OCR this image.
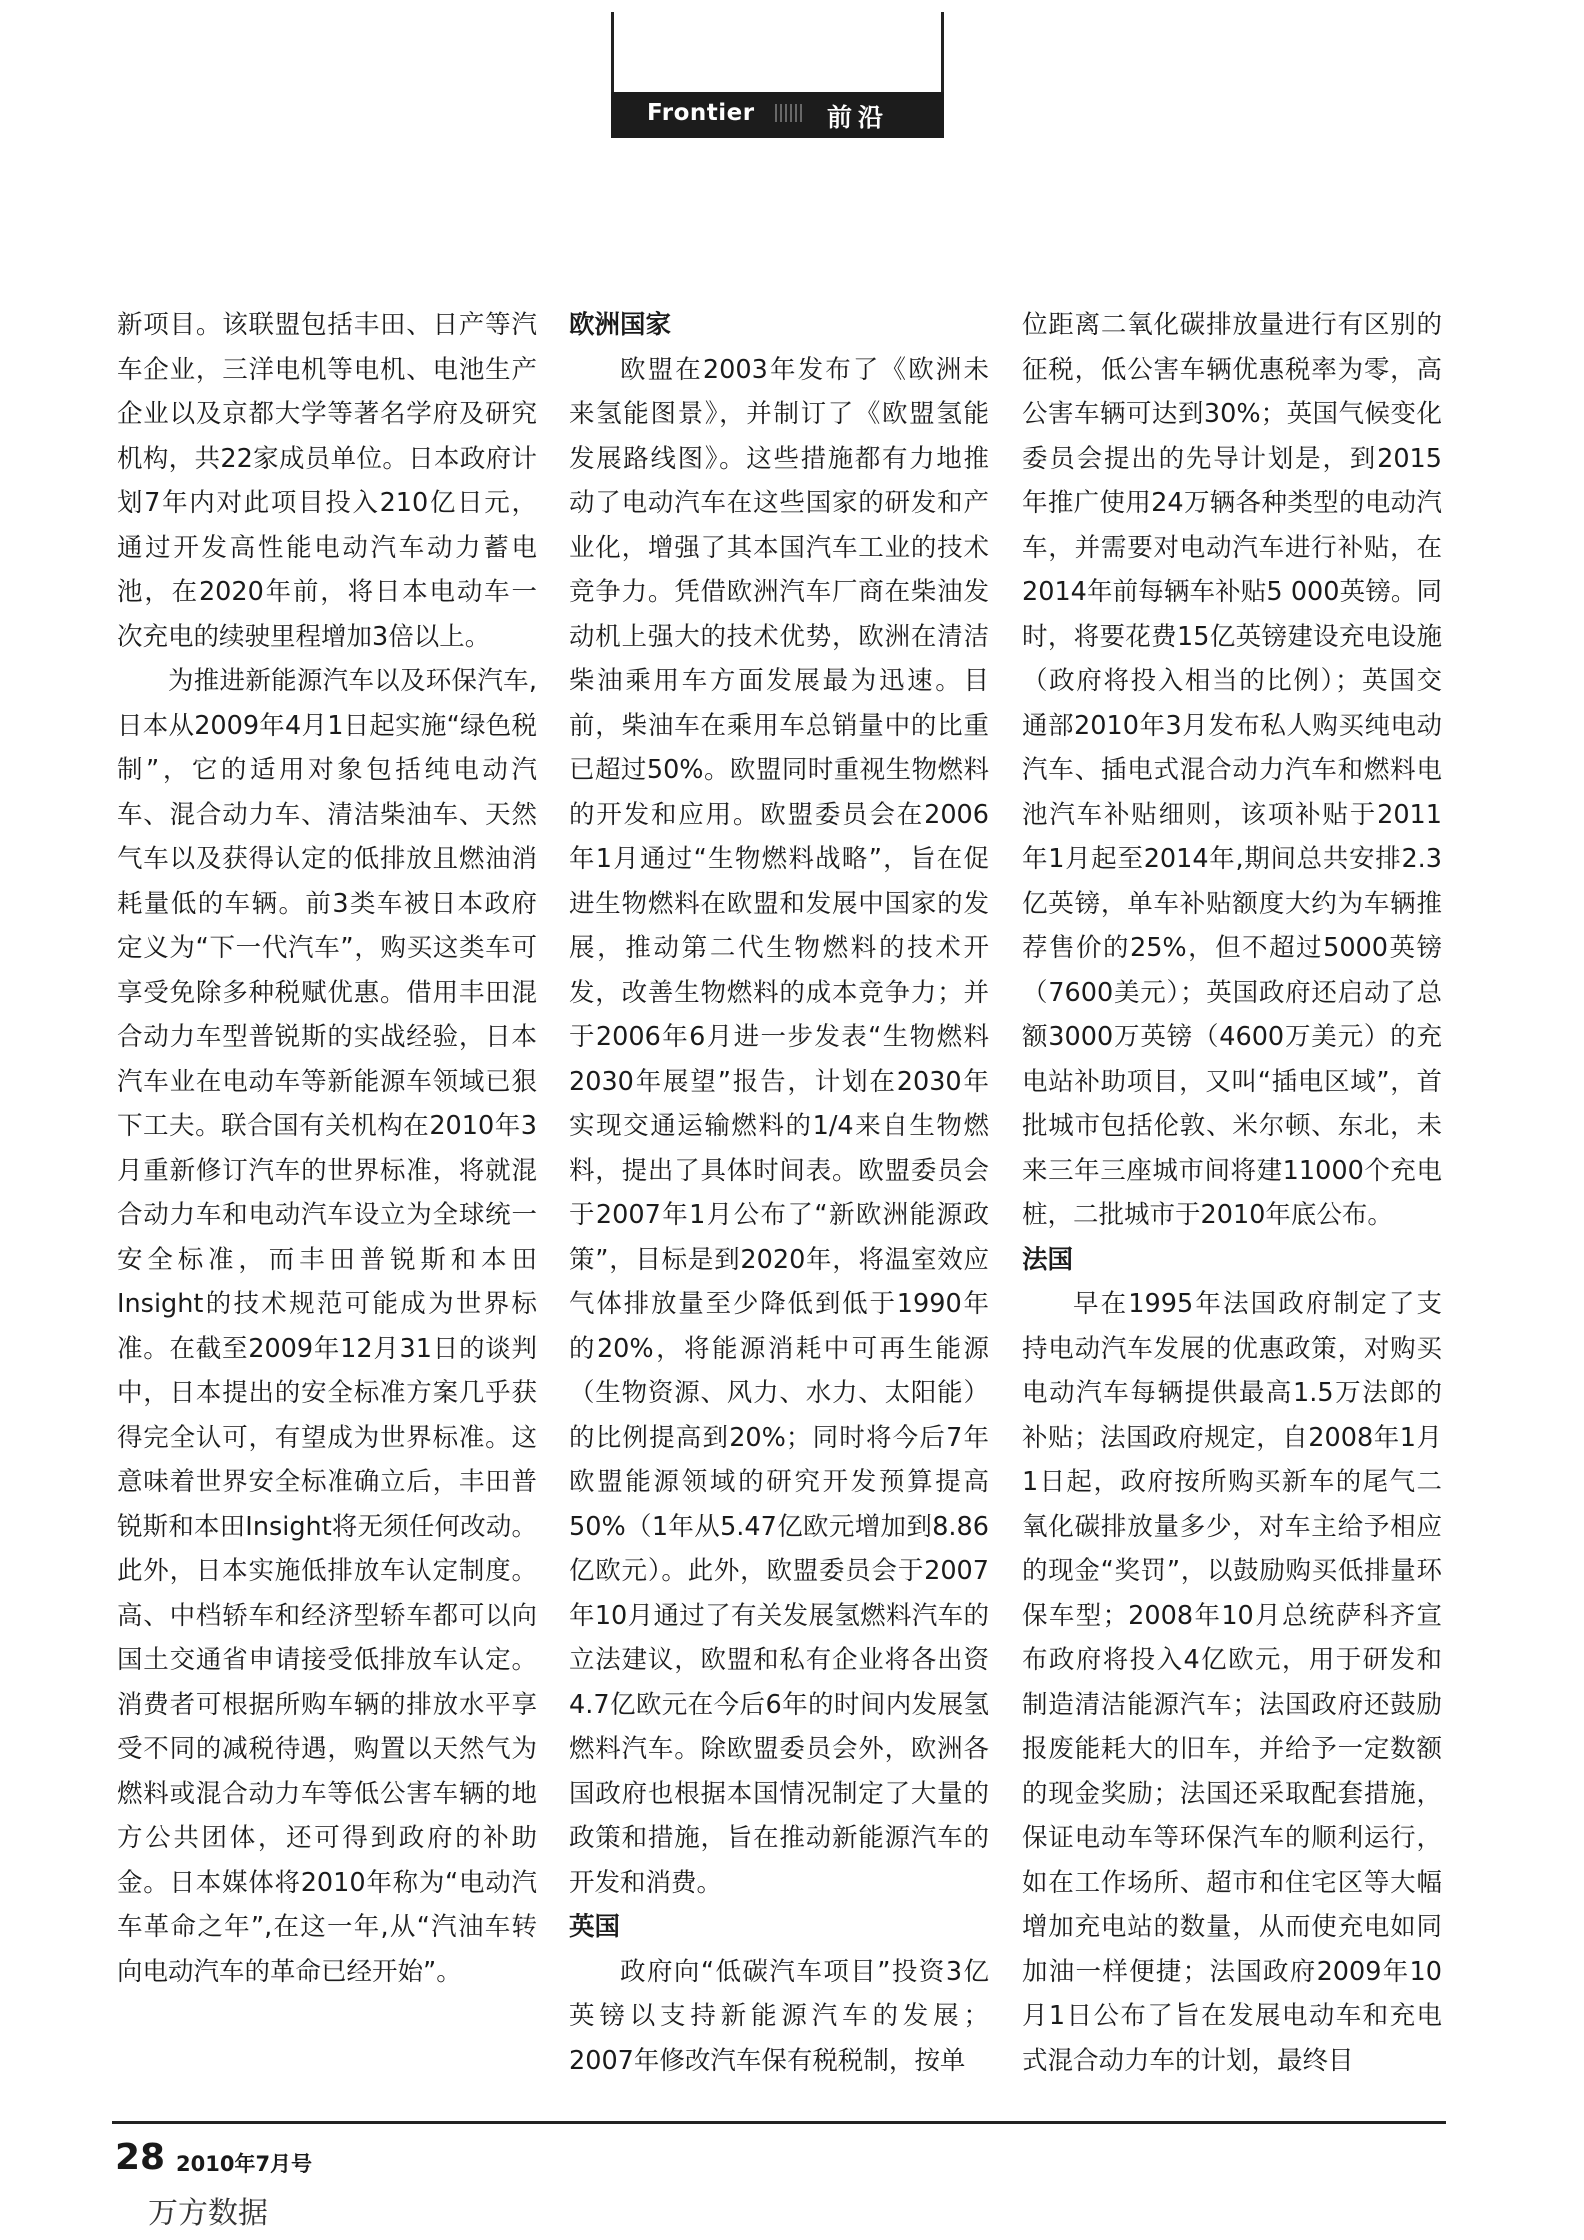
Frontier	前沿

新项目。该联盟包括丰田、日产等汽车企业，三洋电机等电机、电池生产企业以及京都大学等著名学府及研究机构，共22家成员单位。日本政府计划7年内对此项目投入210亿日元，通过开发高性能电动汽车动力蓄电池，在2020年前，将日本电动车一次充电的续驶里程增加3倍以上。

为推进新能源汽车以及环保汽车,日本从2009年4月1日起实施“绿色税制”，它的适用对象包括纯电动汽车、混合动力车、清洁柴油车、天然气车以及获得认定的低排放且燃油消耗量低的车辆。前3类车被日本政府定义为“下一代汽车”，购买这类车可享受免除多种税赋优惠。借用丰田混合动力车型普锐斯的实战经验，日本汽车业在电动车等新能源车领域已狠下工夫。联合国有关机构在2010年3月重新修订汽车的世界标准，将就混合动力车和电动汽车设立为全球统一安全标准，而丰田普锐斯和本田Insight的技术规范可能成为世界标准。在截至2009年12月31日的谈判中，日本提出的安全标准方案几乎获得完全认可，有望成为世界标准。这意味着世界安全标准确立后，丰田普锐斯和本田Insight将无须任何改动。此外，日本实施低排放车认定制度。高、中档轿车和经济型轿车都可以向国土交通省申请接受低排放车认定。消费者可根据所购车辆的排放水平享受不同的减税待遇，购置以天然气为燃料或混合动力车等低公害车辆的地方公共团体，还可得到政府的补助金。日本媒体将2010年称为“电动汽车革命之年”,在这一年,从“汽油车转向电动汽车的革命已经开始”。

欧洲国家

欧盟在2003年发布了《欧洲未来氢能图景》，并制订了《欧盟氢能发展路线图》。这些措施都有力地推动了电动汽车在这些国家的研发和产业化，增强了其本国汽车工业的技术竞争力。凭借欧洲汽车厂商在柴油发动机上强大的技术优势，欧洲在清洁柴油乘用车方面发展最为迅速。目前，柴油车在乘用车总销量中的比重已超过50%。欧盟同时重视生物燃料的开发和应用。欧盟委员会在2006年1月通过“生物燃料战略”，旨在促进生物燃料在欧盟和发展中国家的发展，推动第二代生物燃料的技术开发，改善生物燃料的成本竞争力；并于2006年6月进一步发表“生物燃料2030年展望”报告，计划在2030年实现交通运输燃料的1/4来自生物燃料，提出了具体时间表。欧盟委员会于2007年1月公布了“新欧洲能源政策”，目标是到2020年，将温室效应气体排放量至少降低到低于1990年的20%，将能源消耗中可再生能源（生物资源、风力、水力、太阳能）的比例提高到20%；同时将今后7年欧盟能源领域的研究开发预算提高50%（1年从5.47亿欧元增加到8.86亿欧元）。此外，欧盟委员会于2007年10月通过了有关发展氢燃料汽车的立法建议，欧盟和私有企业将各出资4.7亿欧元在今后6年的时间内发展氢燃料汽车。除欧盟委员会外，欧洲各国政府也根据本国情况制定了大量的政策和措施，旨在推动新能源汽车的开发和消费。

英国

政府向“低碳汽车项目”投资3亿英镑以支持新能源汽车的发展；2007年修改汽车保有税税制，按单

位距离二氧化碳排放量进行有区别的征税，低公害车辆优惠税率为零，高公害车辆可达到30%；英国气候变化委员会提出的先导计划是，到2015年推广使用24万辆各种类型的电动汽车，并需要对电动汽车进行补贴，在2014年前每辆车补贴5 000英镑。同时，将要花费15亿英镑建设充电设施（政府将投入相当的比例）；英国交通部2010年3月发布私人购买纯电动汽车、插电式混合动力汽车和燃料电池汽车补贴细则，该项补贴于2011年1月起至2014年,期间总共安排2.3亿英镑，单车补贴额度大约为车辆推荐售价的25%，但不超过5000英镑（7600美元）；英国政府还启动了总额3000万英镑（4600万美元）的充电站补助项目，又叫“插电区域”，首批城市包括伦敦、米尔顿、东北，未来三年三座城市间将建11000个充电桩，二批城市于2010年底公布。

法国

早在1995年法国政府制定了支持电动汽车发展的优惠政策，对购买电动汽车每辆提供最高1.5万法郎的补贴；法国政府规定，自2008年1月1日起，政府按所购买新车的尾气二氧化碳排放量多少，对车主给予相应的现金“奖罚”，以鼓励购买低排量环保车型；2008年10月总统萨科齐宣布政府将投入4亿欧元，用于研发和制造清洁能源汽车；法国政府还鼓励报废能耗大的旧车，并给予一定数额的现金奖励；法国还采取配套措施，保证电动车等环保汽车的顺利运行，如在工作场所、超市和住宅区等大幅增加充电站的数量，从而使充电如同加油一样便捷；法国政府2009年10月1日公布了旨在发展电动车和充电式混合动力车的计划，最终目

28 2010年7月号
万方数据
